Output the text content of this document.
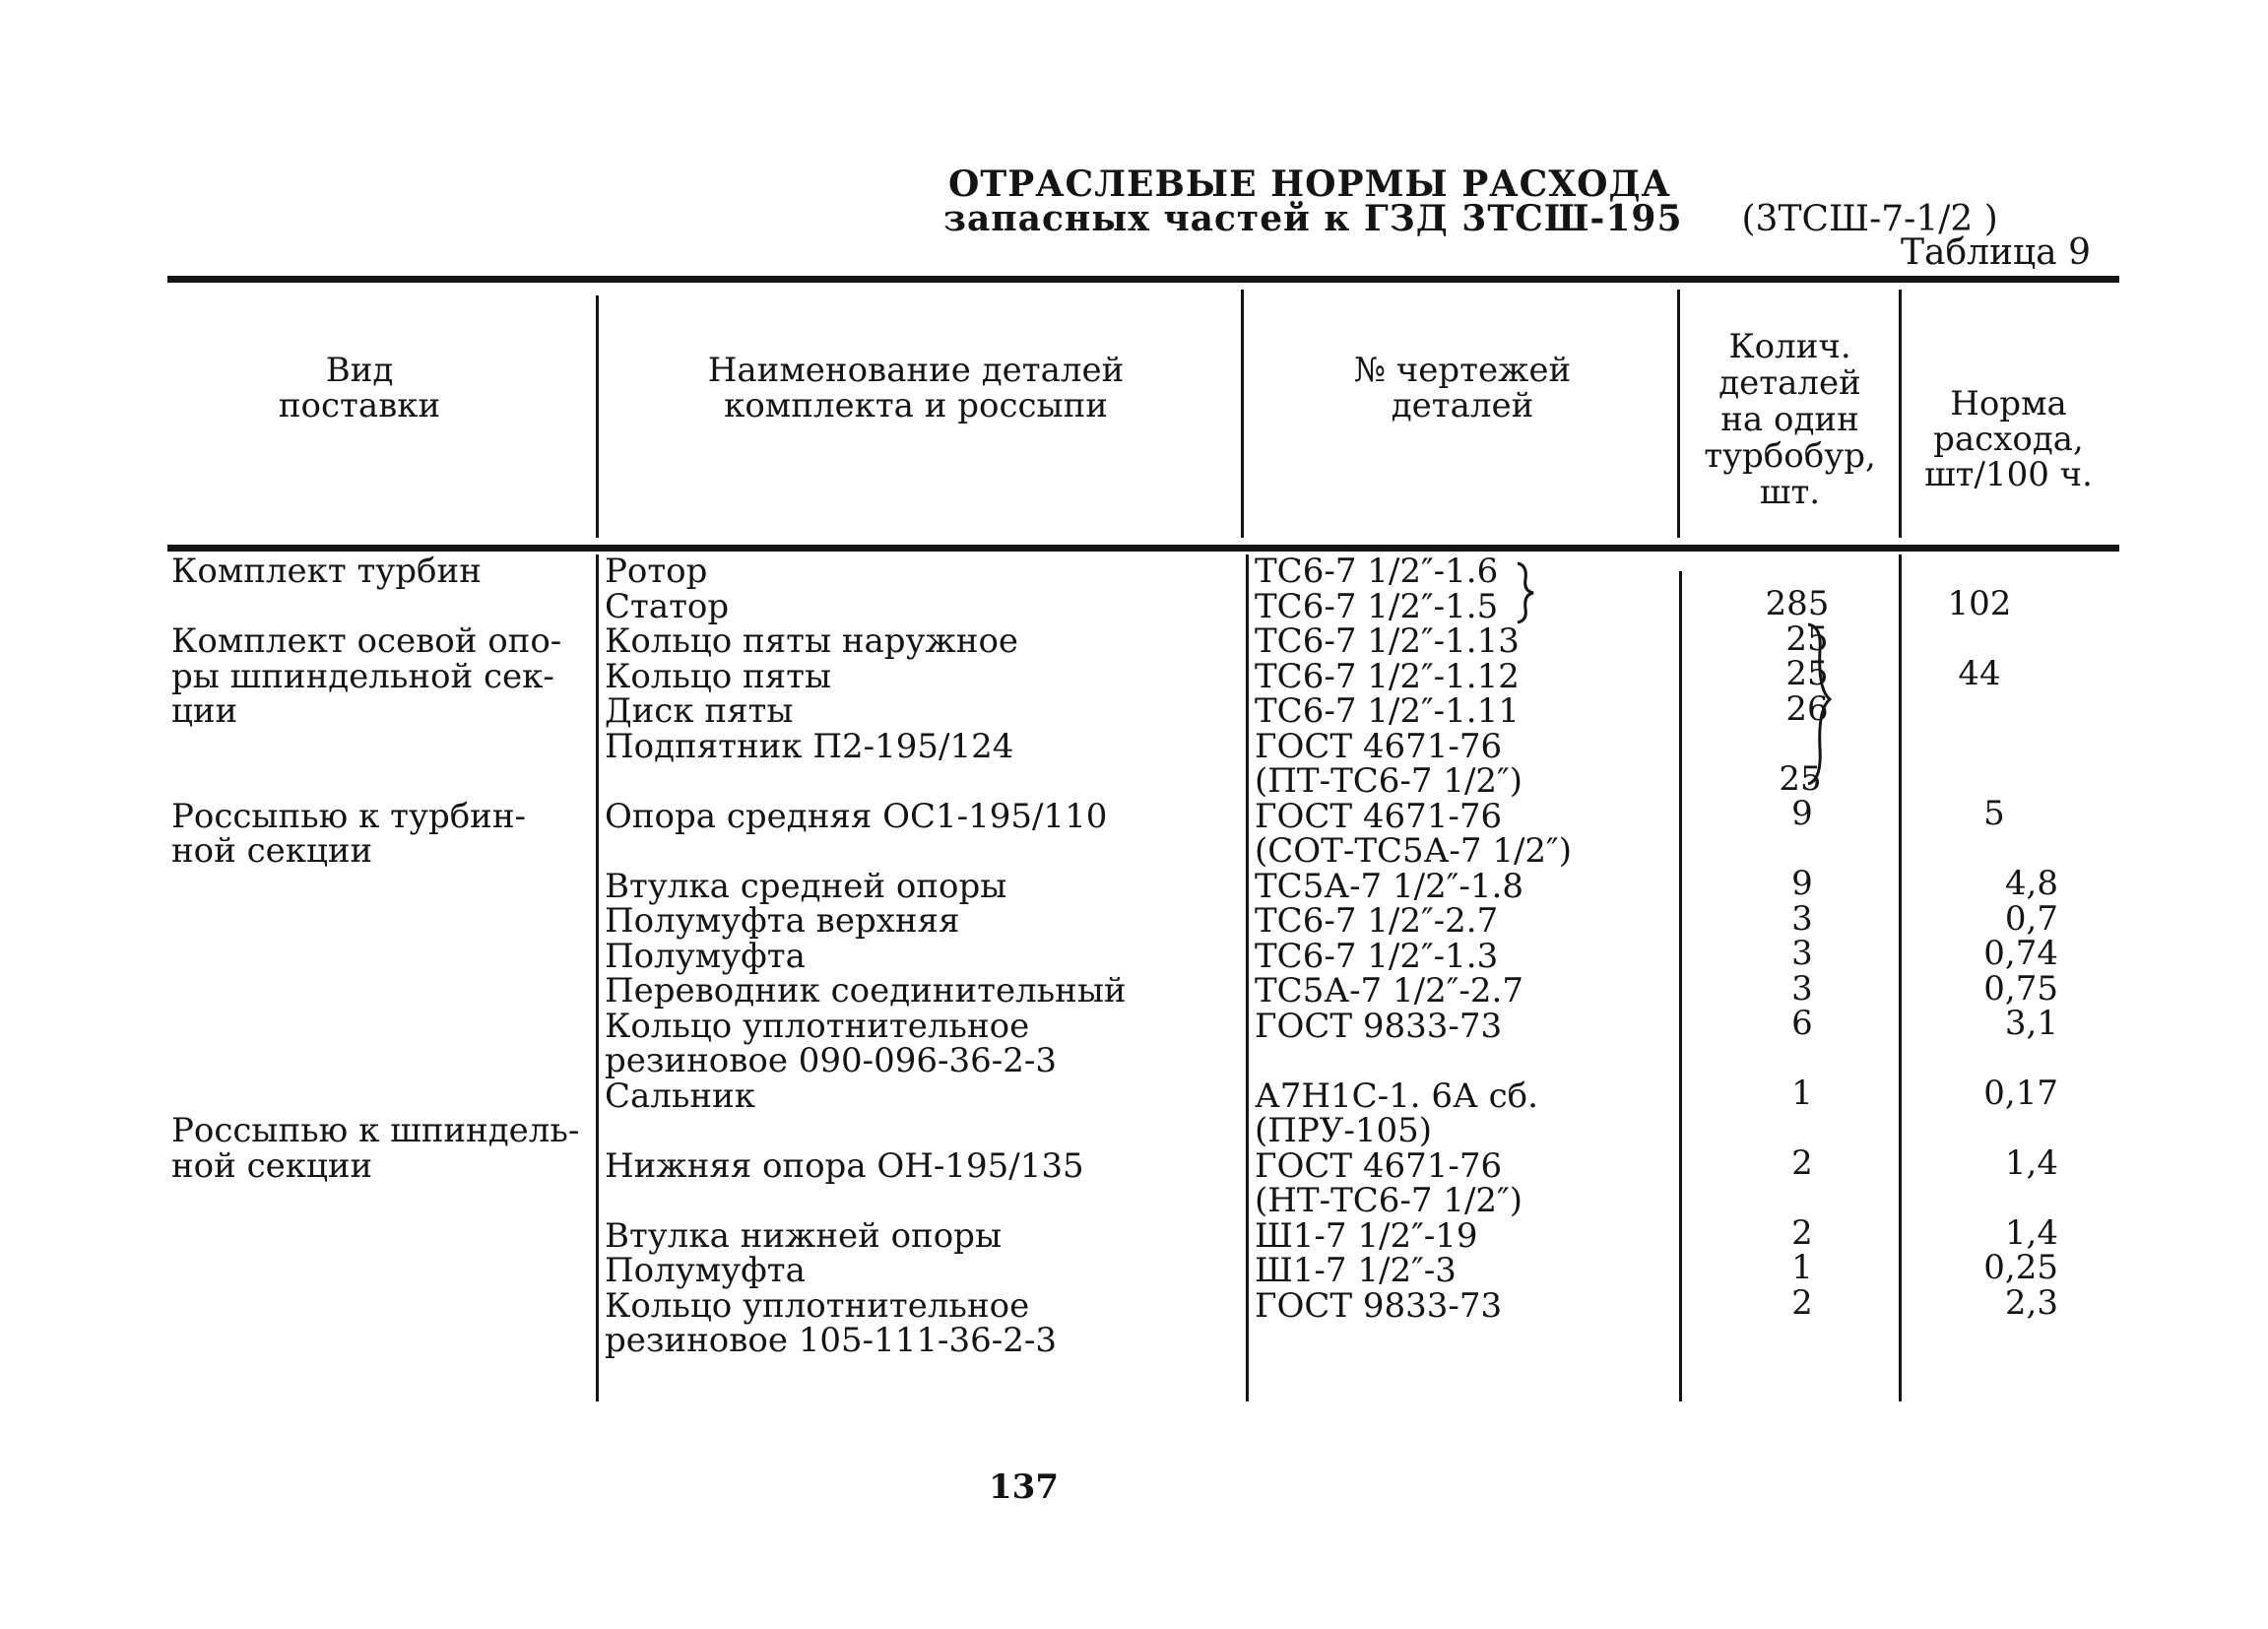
ОТРАСЛЕВЫЕ НОРМЫ РАСХОДА
запасных частей к ГЗД 3ТСШ-195 (3ТСШ-7-1/2 )
Таблица 9
Вид
поставки
Наименование деталей
комплекта и россыпи
№ чертежей
деталей
Колич.
деталей
на один
турбобур,
шт.
Норма
расхода,
шт/100 ч.
Комплект турбин
Комплект осевой опо-
ры шпиндельной сек-
ции
Россыпью к турбин-
ной секции
Россыпью к шпиндель-
ной секции
Ротор
Статор
Кольцо пяты наружное
Кольцо пяты
Диск пяты
Подпятник П2-195/124
Опора средняя ОС1-195/110
Втулка средней опоры
Полумуфта верхняя
Полумуфта
Переводник соединительный
Кольцо уплотнительное
резиновое 090-096-36-2-3
Сальник
Нижняя опора ОН-195/135
Втулка нижней опоры
Полумуфта
Кольцо уплотнительное
резиновое 105-111-36-2-3
ТС6-7 1/2″-1.6
ТС6-7 1/2″-1.5
ТС6-7 1/2″-1.13
ТС6-7 1/2″-1.12
ТС6-7 1/2″-1.11
ГОСТ 4671-76
(ПТ-ТС6-7 1/2″)
ГОСТ 4671-76
(СОТ-ТС5А-7 1/2″)
ТС5А-7 1/2″-1.8
ТС6-7 1/2″-2.7
ТС6-7 1/2″-1.3
ТС5А-7 1/2″-2.7
ГОСТ 9833-73
А7Н1С-1. 6А сб.
(ПРУ-105)
ГОСТ 4671-76
(НТ-ТС6-7 1/2″)
Ш1-7 1/2″-19
Ш1-7 1/2″-3
ГОСТ 9833-73
285
25
25
26
25
9
9
3
3
3
6
1
2
2
1
2
102
44
5
4,8
0,7
0,74
0,75
3,1
0,17
1,4
1,4
0,25
2,3
137
